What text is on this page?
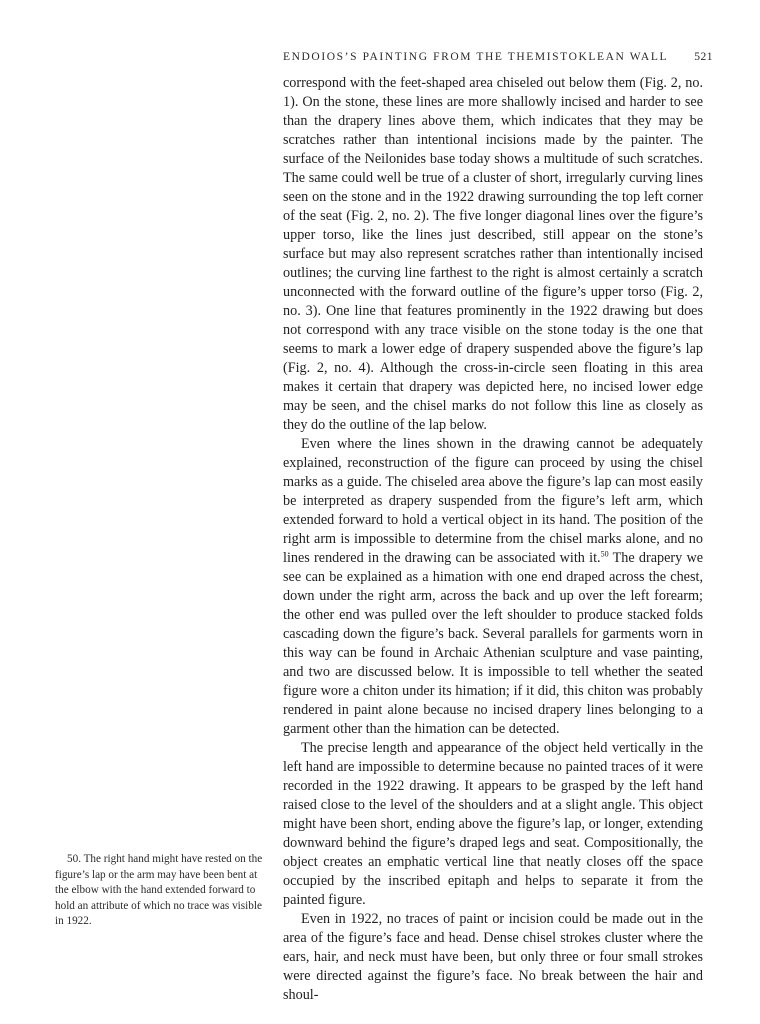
ENDOIOS’S PAINTING FROM THE THEMISTOKLEAN WALL 521

correspond with the feet-shaped area chiseled out below them (Fig. 2, no. 1). On the stone, these lines are more shallowly incised and harder to see than the drapery lines above them, which indicates that they may be scratches rather than intentional incisions made by the painter. The surface of the Neilonides base today shows a multitude of such scratches. The same could well be true of a cluster of short, irregularly curving lines seen on the stone and in the 1922 drawing surrounding the top left corner of the seat (Fig. 2, no. 2). The five longer diagonal lines over the figure’s upper torso, like the lines just described, still appear on the stone’s surface but may also represent scratches rather than intentionally incised outlines; the curving line farthest to the right is almost certainly a scratch unconnected with the forward outline of the figure’s upper torso (Fig. 2, no. 3). One line that features prominently in the 1922 drawing but does not correspond with any trace visible on the stone today is the one that seems to mark a lower edge of drapery suspended above the figure’s lap (Fig. 2, no. 4). Although the cross-in-circle seen floating in this area makes it certain that drapery was depicted here, no incised lower edge may be seen, and the chisel marks do not follow this line as closely as they do the outline of the lap below.

Even where the lines shown in the drawing cannot be adequately explained, reconstruction of the figure can proceed by using the chisel marks as a guide. The chiseled area above the figure’s lap can most easily be interpreted as drapery suspended from the figure’s left arm, which extended forward to hold a vertical object in its hand. The position of the right arm is impossible to determine from the chisel marks alone, and no lines rendered in the drawing can be associated with it.$^{50}$ The drapery we see can be explained as a himation with one end draped across the chest, down under the right arm, across the back and up over the left forearm; the other end was pulled over the left shoulder to produce stacked folds cascading down the figure’s back. Several parallels for garments worn in this way can be found in Archaic Athenian sculpture and vase painting, and two are discussed below. It is impossible to tell whether the seated figure wore a chiton under its himation; if it did, this chiton was probably rendered in paint alone because no incised drapery lines belonging to a garment other than the himation can be detected.

The precise length and appearance of the object held vertically in the left hand are impossible to determine because no painted traces of it were recorded in the 1922 drawing. It appears to be grasped by the left hand raised close to the level of the shoulders and at a slight angle. This object might have been short, ending above the figure’s lap, or longer, extending downward behind the figure’s draped legs and seat. Compositionally, the object creates an emphatic vertical line that neatly closes off the space occupied by the inscribed epitaph and helps to separate it from the painted figure.

Even in 1922, no traces of paint or incision could be made out in the area of the figure’s face and head. Dense chisel strokes cluster where the ears, hair, and neck must have been, but only three or four small strokes were directed against the figure’s face. No break between the hair and shoul-

50. The right hand might have rested on the figure’s lap or the arm may have been bent at the elbow with the hand extended forward to hold an attribute of which no trace was visible in 1922.
